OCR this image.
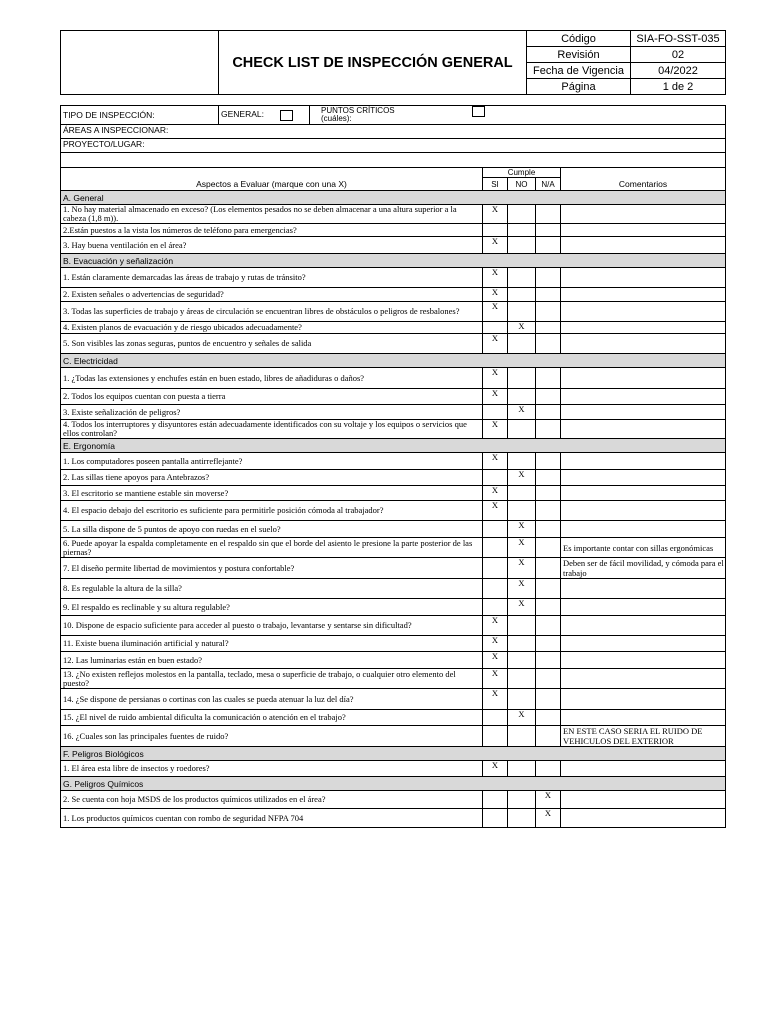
	CHECK LIST DE INSPECCIÓN GENERAL	Código	SIA-FO-SST-035
		Revisión	02
		Fecha de Vigencia	04/2022
		Página	1 de 2
TIPO DE INSPECCIÓN:	GENERAL:	PUNTOS CRÍTICOS
(cuáles):				

ÁREAS A INSPECCIONAR:						
PROYECTO/LUGAR:						

Aspectos a Evaluar (marque con una X)			Cumple			Comentarios
			SI	NO	N/A	
A. General						
1. No hay material almacenado en exceso? (Los elementos pesados no se deben almacenar a una altura superior a la cabeza (1,8 m)).			X			
2.Están puestos a la vista los números de teléfono para emergencias?						
3. Hay buena ventilación en el área?			X			
B. Evacuación y señalización						
1. Están claramente demarcadas las áreas de trabajo y rutas de tránsito?			X			
2. Existen señales o advertencias de seguridad?			X			
3. Todas las superficies de trabajo y áreas de circulación se encuentran libres de obstáculos o peligros de resbalones?			X			
4. Existen planos de evacuación y de riesgo ubicados adecuadamente?				X		
5. Son visibles las zonas seguras, puntos de encuentro y señales de salida			X			
C. Electricidad						
1. ¿Todas las extensiones y enchufes están en buen estado, libres de añadiduras o daños?			X			
2. Todos los equipos cuentan con puesta a tierra			X			
3. Existe señalización de peligros?				X		
4. Todos los interruptores y disyuntores están adecuadamente identificados con su voltaje y los equipos o servicios que ellos controlan?			X			
E. Ergonomía						
1. Los computadores poseen pantalla antirreflejante?			X			
2. Las sillas tiene apoyos para Antebrazos?				X		
3. El escritorio se mantiene estable sin moverse?			X			
4. El espacio debajo del escritorio es suficiente para permitirle posición cómoda al trabajador?			X			
5. La silla dispone de 5 puntos de apoyo con ruedas en el suelo?				X		
6. Puede apoyar la espalda completamente en el respaldo sin que el borde del asiento le presione la parte posterior de las piernas?				X		Es importante contar con sillas ergonómicas
7. El diseño permite libertad de movimientos y postura confortable?				X		Deben ser de fácil movilidad, y cómoda para el trabajo
8. Es regulable la altura de la silla?				X		
9. El respaldo es reclinable y su altura regulable?				X		
10. Dispone de espacio suficiente para acceder al puesto o trabajo, levantarse y sentarse sin dificultad?			X			
11. Existe buena iluminación artificial y natural?			X			
12. Las luminarias están en buen estado?			X			
13. ¿No existen reflejos molestos en la pantalla, teclado, mesa o superficie de trabajo, o cualquier otro elemento del puesto?			X			
14. ¿Se dispone de persianas o cortinas con las cuales se pueda atenuar la luz del día?			X			
15. ¿El nivel de ruido ambiental dificulta la comunicación o atención en el trabajo?				X		
16. ¿Cuales son las principales fuentes de ruido?						EN ESTE CASO SERIA EL RUIDO DE VEHICULOS DEL EXTERIOR
F. Peligros Biológicos						
1. El área esta libre de insectos y roedores?			X			
G. Peligros Químicos						
2. Se cuenta con hoja MSDS de los productos químicos utilizados en el área?					X	
1. Los productos químicos cuentan con rombo de seguridad NFPA 704					X	
